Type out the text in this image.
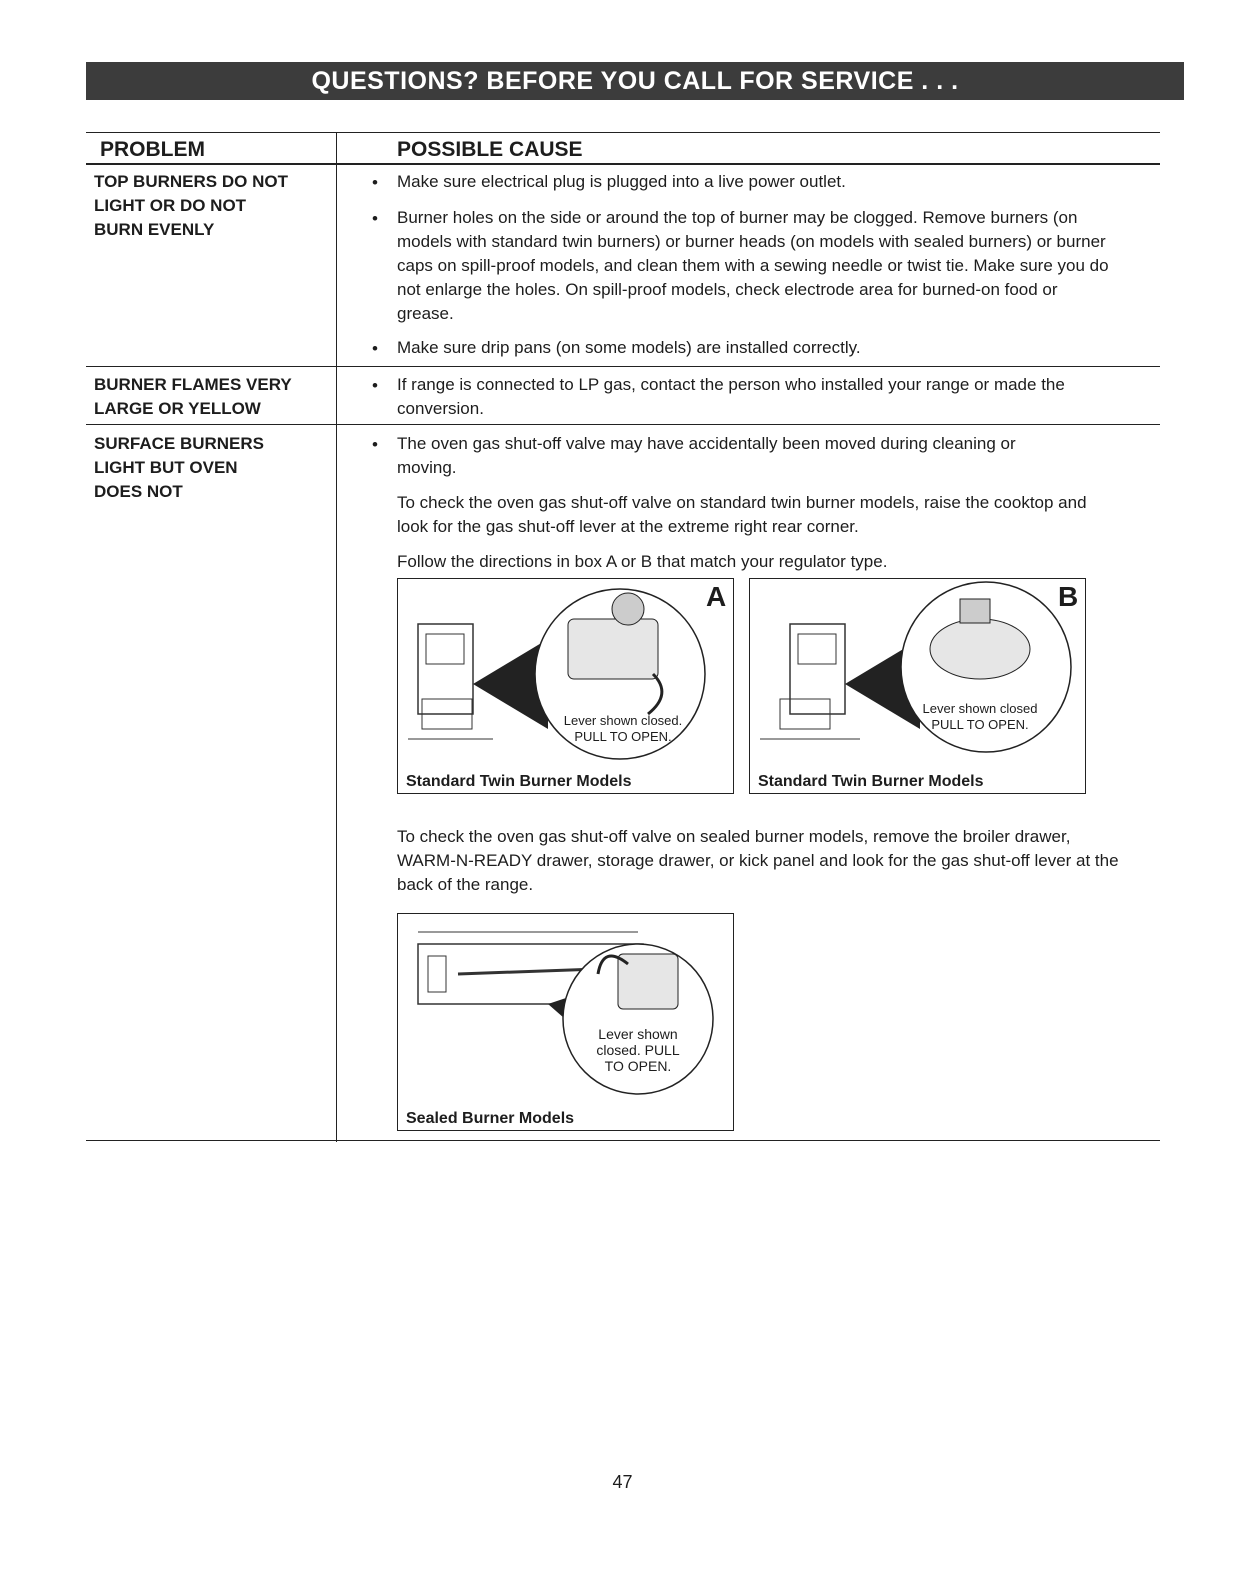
QUESTIONS? BEFORE YOU CALL FOR SERVICE . . .
PROBLEM	POSSIBLE CAUSE
TOP BURNERS DO NOT
LIGHT OR DO NOT
BURN EVENLY
• Make sure electrical plug is plugged into a live power outlet.
• Burner holes on the side or around the top of burner may be clogged. Remove burners (on models with standard twin burners) or burner heads (on models with sealed burners) or burner caps on spill-proof models, and clean them with a sewing needle or twist tie. Make sure you do not enlarge the holes. On spill-proof models, check electrode area for burned-on food or grease.
• Make sure drip pans (on some models) are installed correctly.
BURNER FLAMES VERY
LARGE OR YELLOW
• If range is connected to LP gas, contact the person who installed your range or made the conversion.
SURFACE BURNERS
LIGHT BUT OVEN
DOES NOT
• The oven gas shut-off valve may have accidentally been moved during cleaning or moving.
To check the oven gas shut-off valve on standard twin burner models, raise the cooktop and look for the gas shut-off lever at the extreme right rear corner.
Follow the directions in box A or B that match your regulator type.
A
Lever shown closed.
PULL TO OPEN.
Standard Twin Burner Models
B
Lever shown closed
PULL TO OPEN.
Standard Twin Burner Models
To check the oven gas shut-off valve on sealed burner models, remove the broiler drawer, WARM-N-READY drawer, storage drawer, or kick panel and look for the gas shut-off lever at the back of the range.
Lever shown
closed. PULL
TO OPEN.
Sealed Burner Models
47
